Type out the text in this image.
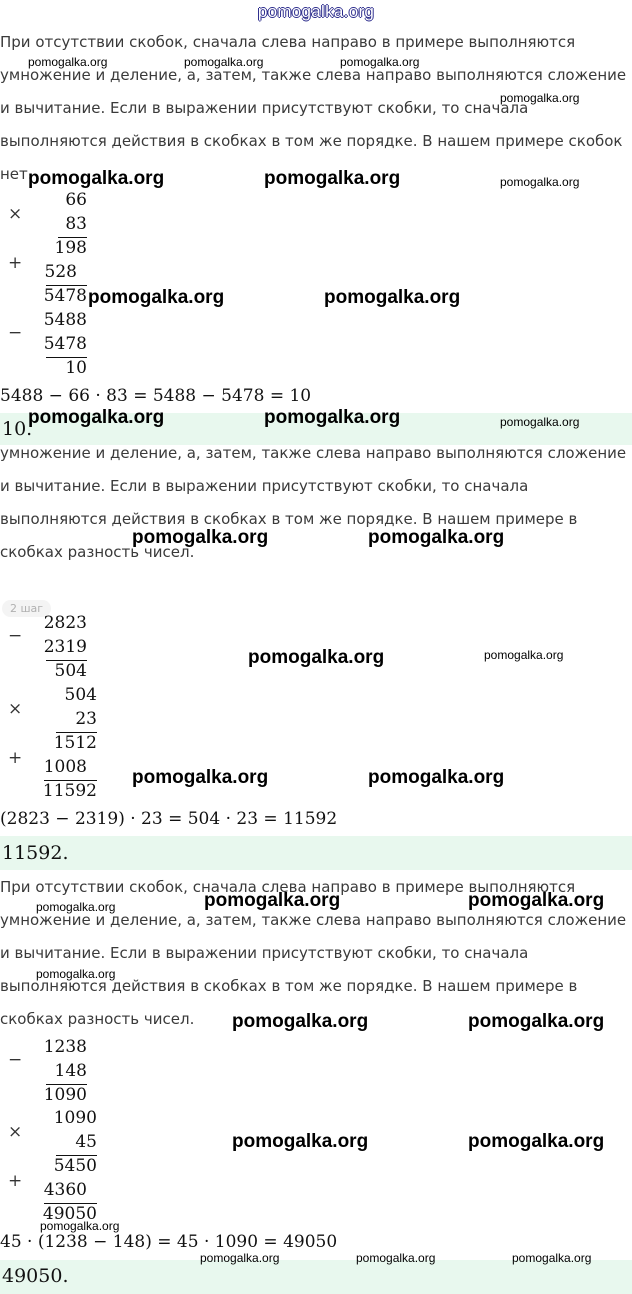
pomogalka.org

При отсутствии скобок, сначала слева направо в примере выполняются
умножение и деление, а, затем, также слева направо выполняются сложение
и вычитание. Если в выражении присутствуют скобки, то сначала
выполняются действия в скобках в том же порядке. В нашем примере скобок
нет.

×
66
83
198
+	528
5478
−
5488
5478
10
5488 − 66 · 83 = 5488 − 5478 = 10
10.

умножение и деление, а, затем, также слева направо выполняются сложение
и вычитание. Если в выражении присутствуют скобки, то сначала
выполняются действия в скобках в том же порядке. В нашем примере в
скобках разность чисел.

2 шаг
−
2823
2319
504
×
504
23
1512
+	1008
11592
(2823 − 2319) · 23 = 504 · 23 = 11592
11592.

При отсутствии скобок, сначала слева направо в примере выполняются
умножение и деление, а, затем, также слева направо выполняются сложение
и вычитание. Если в выражении присутствуют скобки, то сначала
выполняются действия в скобках в том же порядке. В нашем примере в
скобках разность чисел.

−
1238
148
1090
×
1090
45
5450
+	4360
49050
45 · (1238 − 148) = 45 · 1090 = 49050
49050.
pomogalka.org	pomogalka.org	pomogalka.org
pomogalka.org
pomogalka.org	pomogalka.org	pomogalka.org
pomogalka.org	pomogalka.org
pomogalka.org	pomogalka.org	pomogalka.org
pomogalka.org	pomogalka.org
pomogalka.org	pomogalka.org
pomogalka.org	pomogalka.org
pomogalka.org	pomogalka.org	pomogalka.org
pomogalka.org
pomogalka.org	pomogalka.org
pomogalka.org	pomogalka.org
pomogalka.org
pomogalka.org	pomogalka.org	pomogalka.org
